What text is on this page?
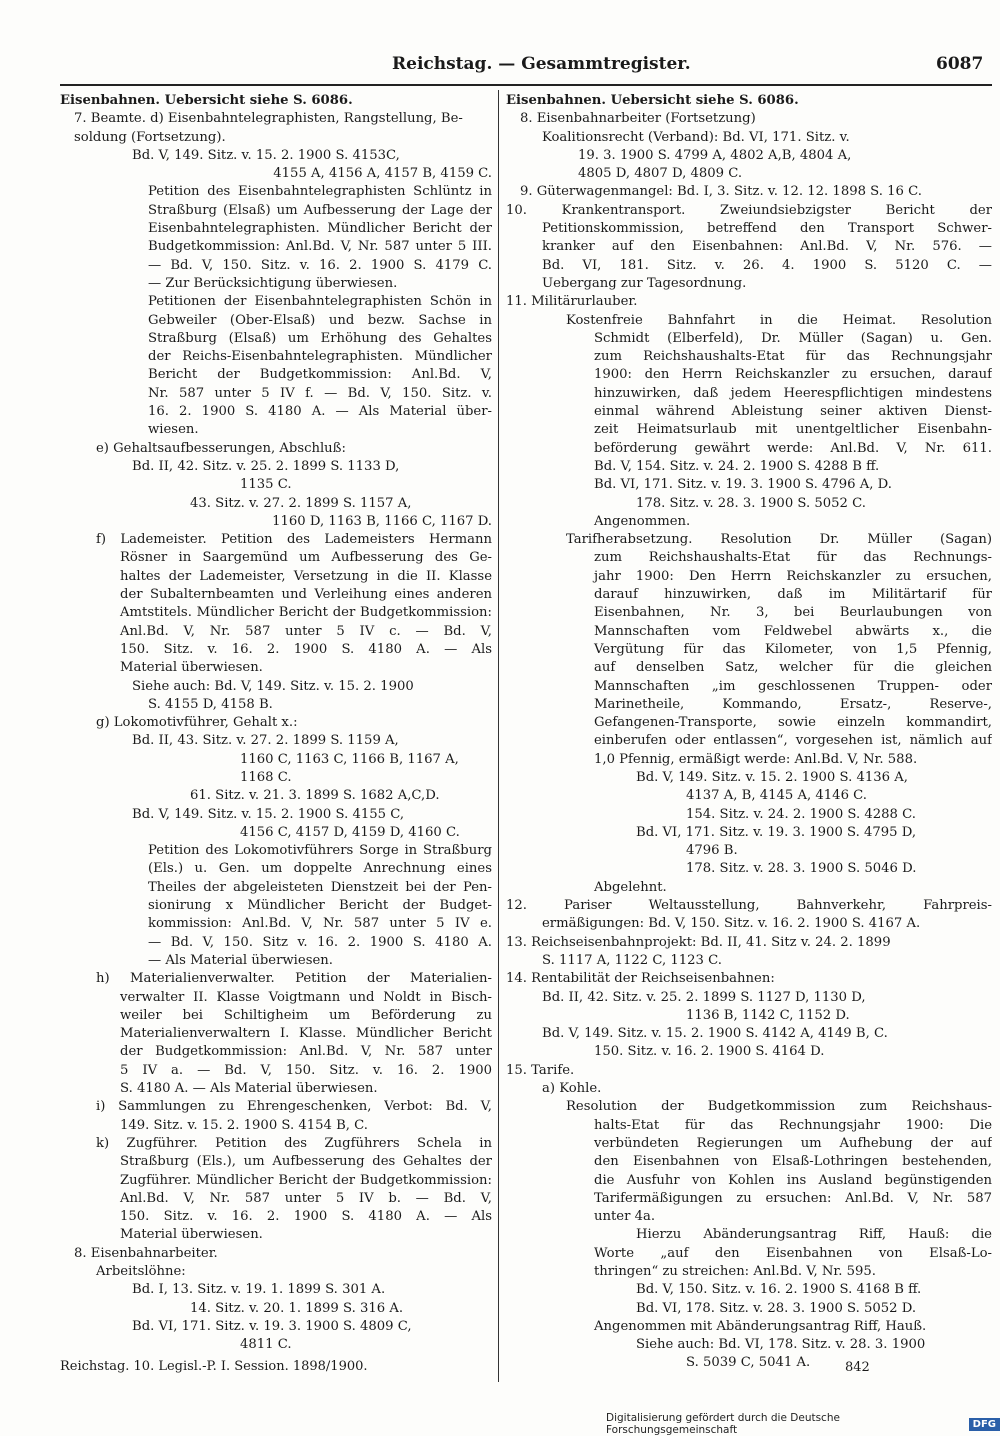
Reichstag. — Gesammtregister.	6087
Eisenbahnen. Uebersicht siehe S. 6086.
7. Beamte. d) Eisenbahntelegraphisten, Rangstellung, Be-
soldung (Fortsetzung).
Bd. V, 149. Sitz. v. 15. 2. 1900 S. 4153C,
4155 A, 4156 A, 4157 B, 4159 C.
Petition des Eisenbahntelegraphisten Schlüntz in
Straßburg (Elsaß) um Aufbesserung der Lage der
Eisenbahntelegraphisten. Mündlicher Bericht der
Budgetkommission: Anl.Bd. V, Nr. 587 unter 5 III.
— Bd. V, 150. Sitz. v. 16. 2. 1900 S. 4179 C.
— Zur Berücksichtigung überwiesen.
Petitionen der Eisenbahntelegraphisten Schön in
Gebweiler (Ober-Elsaß) und bezw. Sachse in
Straßburg (Elsaß) um Erhöhung des Gehaltes
der Reichs-Eisenbahntelegraphisten. Mündlicher
Bericht der Budgetkommission: Anl.Bd. V,
Nr. 587 unter 5 IV f. — Bd. V, 150. Sitz. v.
16. 2. 1900 S. 4180 A. — Als Material über-
wiesen.
e) Gehaltsaufbesserungen, Abschluß:
Bd. II, 42. Sitz. v. 25. 2. 1899 S. 1133 D,
1135 C.
43. Sitz. v. 27. 2. 1899 S. 1157 A,
1160 D, 1163 B, 1166 C, 1167 D.
f) Lademeister. Petition des Lademeisters Hermann
Rösner in Saargemünd um Aufbesserung des Ge-
haltes der Lademeister, Versetzung in die II. Klasse
der Subalternbeamten und Verleihung eines anderen
Amtstitels. Mündlicher Bericht der Budgetkommission:
Anl.Bd. V, Nr. 587 unter 5 IV c. — Bd. V,
150. Sitz. v. 16. 2. 1900 S. 4180 A. — Als
Material überwiesen.
Siehe auch: Bd. V, 149. Sitz. v. 15. 2. 1900
S. 4155 D, 4158 B.
g) Lokomotivführer, Gehalt x.:
Bd. II, 43. Sitz. v. 27. 2. 1899 S. 1159 A,
1160 C, 1163 C, 1166 B, 1167 A,
1168 C.
61. Sitz. v. 21. 3. 1899 S. 1682 A,C,D.
Bd. V, 149. Sitz. v. 15. 2. 1900 S. 4155 C,
4156 C, 4157 D, 4159 D, 4160 C.
Petition des Lokomotivführers Sorge in Straßburg
(Els.) u. Gen. um doppelte Anrechnung eines
Theiles der abgeleisteten Dienstzeit bei der Pen-
sionirung x Mündlicher Bericht der Budget-
kommission: Anl.Bd. V, Nr. 587 unter 5 IV e.
— Bd. V, 150. Sitz v. 16. 2. 1900 S. 4180 A.
— Als Material überwiesen.
h) Materialienverwalter. Petition der Materialien-
verwalter II. Klasse Voigtmann und Noldt in Bisch-
weiler bei Schiltigheim um Beförderung zu
Materialienverwaltern I. Klasse. Mündlicher Bericht
der Budgetkommission: Anl.Bd. V, Nr. 587 unter
5 IV a. — Bd. V, 150. Sitz. v. 16. 2. 1900
S. 4180 A. — Als Material überwiesen.
i) Sammlungen zu Ehrengeschenken, Verbot: Bd. V,
149. Sitz. v. 15. 2. 1900 S. 4154 B, C.
k) Zugführer. Petition des Zugführers Schela in
Straßburg (Els.), um Aufbesserung des Gehaltes der
Zugführer. Mündlicher Bericht der Budgetkommission:
Anl.Bd. V, Nr. 587 unter 5 IV b. — Bd. V,
150. Sitz. v. 16. 2. 1900 S. 4180 A. — Als
Material überwiesen.
8. Eisenbahnarbeiter.
Arbeitslöhne:
Bd. I, 13. Sitz. v. 19. 1. 1899 S. 301 A.
14. Sitz. v. 20. 1. 1899 S. 316 A.
Bd. VI, 171. Sitz. v. 19. 3. 1900 S. 4809 C,
4811 C.
Eisenbahnen. Uebersicht siehe S. 6086.
8. Eisenbahnarbeiter (Fortsetzung)
Koalitionsrecht (Verband): Bd. VI, 171. Sitz. v.
19. 3. 1900 S. 4799 A, 4802 A,B, 4804 A,
4805 D, 4807 D, 4809 C.
9. Güterwagenmangel: Bd. I, 3. Sitz. v. 12. 12. 1898 S. 16 C.
10. Krankentransport. Zweiundsiebzigster Bericht der
Petitionskommission, betreffend den Transport Schwer-
kranker auf den Eisenbahnen: Anl.Bd. V, Nr. 576. —
Bd. VI, 181. Sitz. v. 26. 4. 1900 S. 5120 C. —
Uebergang zur Tagesordnung.
11. Militärurlauber.
Kostenfreie Bahnfahrt in die Heimat. Resolution
Schmidt (Elberfeld), Dr. Müller (Sagan) u. Gen.
zum Reichshaushalts-Etat für das Rechnungsjahr
1900: den Herrn Reichskanzler zu ersuchen, darauf
hinzuwirken, daß jedem Heerespflichtigen mindestens
einmal während Ableistung seiner aktiven Dienst-
zeit Heimatsurlaub mit unentgeltlicher Eisenbahn-
beförderung gewährt werde: Anl.Bd. V, Nr. 611.
Bd. V, 154. Sitz. v. 24. 2. 1900 S. 4288 B ff.
Bd. VI, 171. Sitz. v. 19. 3. 1900 S. 4796 A, D.
178. Sitz. v. 28. 3. 1900 S. 5052 C.
Angenommen.
Tarifherabsetzung. Resolution Dr. Müller (Sagan)
zum Reichshaushalts-Etat für das Rechnungs-
jahr 1900: Den Herrn Reichskanzler zu ersuchen,
darauf hinzuwirken, daß im Militärtarif für
Eisenbahnen, Nr. 3, bei Beurlaubungen von
Mannschaften vom Feldwebel abwärts x., die
Vergütung für das Kilometer, von 1,5 Pfennig,
auf denselben Satz, welcher für die gleichen
Mannschaften „im geschlossenen Truppen- oder
Marinetheile, Kommando, Ersatz-, Reserve-,
Gefangenen-Transporte, sowie einzeln kommandirt,
einberufen oder entlassen“, vorgesehen ist, nämlich auf
1,0 Pfennig, ermäßigt werde: Anl.Bd. V, Nr. 588.
Bd. V, 149. Sitz. v. 15. 2. 1900 S. 4136 A,
4137 A, B, 4145 A, 4146 C.
154. Sitz. v. 24. 2. 1900 S. 4288 C.
Bd. VI, 171. Sitz. v. 19. 3. 1900 S. 4795 D,
4796 B.
178. Sitz. v. 28. 3. 1900 S. 5046 D.
Abgelehnt.
12. Pariser Weltausstellung, Bahnverkehr, Fahrpreis-
ermäßigungen: Bd. V, 150. Sitz. v. 16. 2. 1900 S. 4167 A.
13. Reichseisenbahnprojekt: Bd. II, 41. Sitz v. 24. 2. 1899
S. 1117 A, 1122 C, 1123 C.
14. Rentabilität der Reichseisenbahnen:
Bd. II, 42. Sitz. v. 25. 2. 1899 S. 1127 D, 1130 D,
1136 B, 1142 C, 1152 D.
Bd. V, 149. Sitz. v. 15. 2. 1900 S. 4142 A, 4149 B, C.
150. Sitz. v. 16. 2. 1900 S. 4164 D.
15. Tarife.
a) Kohle.
Resolution der Budgetkommission zum Reichshaus-
halts-Etat für das Rechnungsjahr 1900: Die
verbündeten Regierungen um Aufhebung der auf
den Eisenbahnen von Elsaß-Lothringen bestehenden,
die Ausfuhr von Kohlen ins Ausland begünstigenden
Tarifermäßigungen zu ersuchen: Anl.Bd. V, Nr. 587
unter 4a.
Hierzu Abänderungsantrag Riff, Hauß: die
Worte „auf den Eisenbahnen von Elsaß-Lo-
thringen“ zu streichen: Anl.Bd. V, Nr. 595.
Bd. V, 150. Sitz. v. 16. 2. 1900 S. 4168 B ff.
Bd. VI, 178. Sitz. v. 28. 3. 1900 S. 5052 D.
Angenommen mit Abänderungsantrag Riff, Hauß.
Siehe auch: Bd. VI, 178. Sitz. v. 28. 3. 1900
S. 5039 C, 5041 A.
Reichstag. 10. Legisl.-P. I. Session. 1898/1900.	842
Digitalisierung gefördert durch die Deutsche Forschungsgemeinschaft	DFG
